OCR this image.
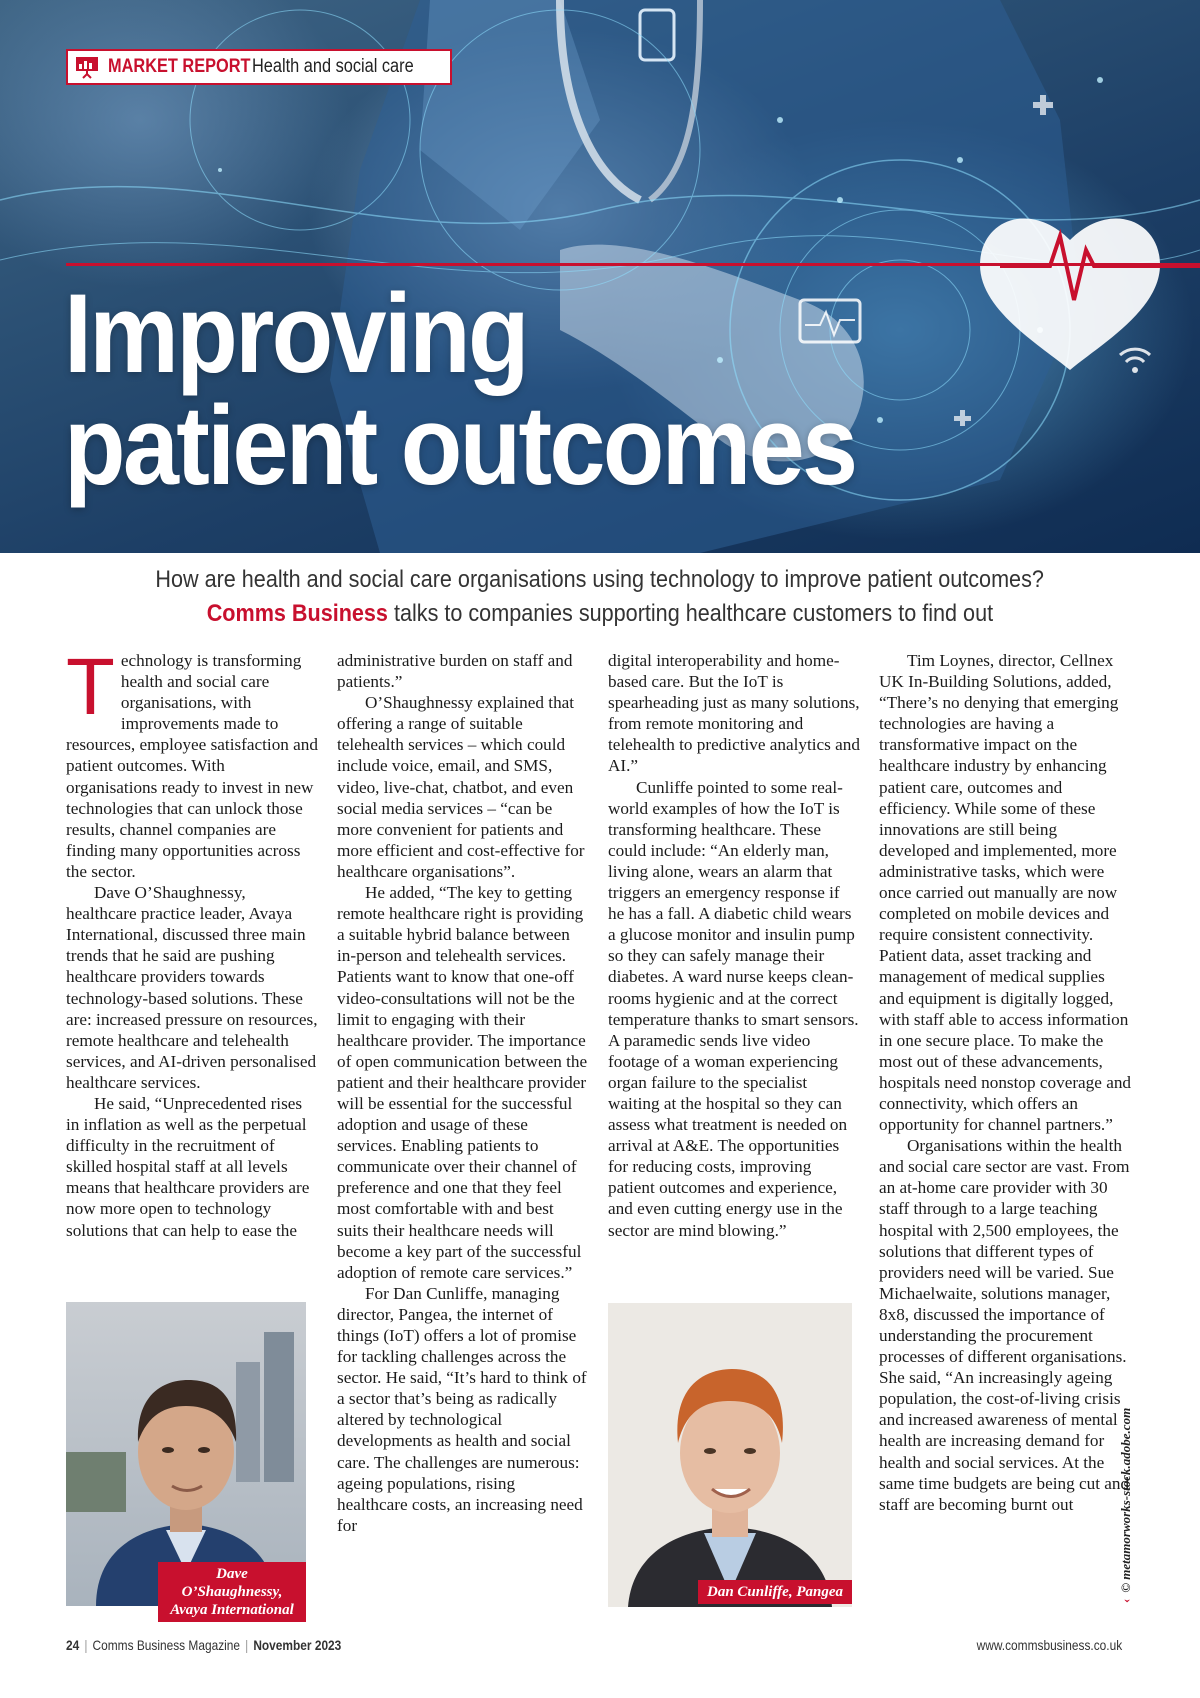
MARKET REPORT Health and social care
Improving
patient outcomes
How are health and social care organisations using technology to improve patient outcomes?
Comms Business talks to companies supporting healthcare customers to find out

Technology is transforming health and social care organisations, with improvements made to resources, employee satisfaction and patient outcomes. With organisations ready to invest in new technologies that can unlock those results, channel companies are finding many opportunities across the sector.

Dave O’Shaughnessy, healthcare practice leader, Avaya International, discussed three main trends that he said are pushing healthcare providers towards technology-based solutions. These are: increased pressure on resources, remote healthcare and telehealth services, and AI-driven personalised healthcare services.

He said, “Unprecedented rises in inflation as well as the perpetual difficulty in the recruitment of skilled hospital staff at all levels means that healthcare providers are now more open to technology solutions that can help to ease the

administrative burden on staff and patients.”

O’Shaughnessy explained that offering a range of suitable telehealth services – which could include voice, email, and SMS, video, live-chat, chatbot, and even social media services – “can be more convenient for patients and more efficient and cost-effective for healthcare organisations”.

He added, “The key to getting remote healthcare right is providing a suitable hybrid balance between in-person and telehealth services. Patients want to know that one-off video-consultations will not be the limit to engaging with their healthcare provider. The importance of open communication between the patient and their healthcare provider will be essential for the successful adoption and usage of these services. Enabling patients to communicate over their channel of preference and one that they feel most comfortable with and best suits their healthcare needs will become a key part of the successful adoption of remote care services.”

For Dan Cunliffe, managing director, Pangea, the internet of things (IoT) offers a lot of promise for tackling challenges across the sector. He said, “It’s hard to think of a sector that’s being as radically altered by technological developments as health and social care. The challenges are numerous: ageing populations, rising healthcare costs, an increasing need for

digital interoperability and home-based care. But the IoT is spearheading just as many solutions, from remote monitoring and telehealth to predictive analytics and AI.”

Cunliffe pointed to some real-world examples of how the IoT is transforming healthcare. These could include: “An elderly man, living alone, wears an alarm that triggers an emergency response if he has a fall. A diabetic child wears a glucose monitor and insulin pump so they can safely manage their diabetes. A ward nurse keeps clean-rooms hygienic and at the correct temperature thanks to smart sensors. A paramedic sends live video footage of a woman experiencing organ failure to the specialist waiting at the hospital so they can assess what treatment is needed on arrival at A&E. The opportunities for reducing costs, improving patient outcomes and experience, and even cutting energy use in the sector are mind blowing.”

Tim Loynes, director, Cellnex UK In-Building Solutions, added, “There’s no denying that emerging technologies are having a transformative impact on the healthcare industry by enhancing patient care, outcomes and efficiency. While some of these innovations are still being developed and implemented, more administrative tasks, which were once carried out manually are now completed on mobile devices and require consistent connectivity. Patient data, asset tracking and management of medical supplies and equipment is digitally logged, with staff able to access information in one secure place. To make the most out of these advancements, hospitals need nonstop coverage and connectivity, which offers an opportunity for channel partners.”

Organisations within the health and social care sector are vast. From an at-home care provider with 30 staff through to a large teaching hospital with 2,500 employees, the solutions that different types of providers need will be varied. Sue Michaelwaite, solutions manager, 8x8, discussed the importance of understanding the procurement processes of different organisations. She said, “An increasingly ageing population, the cost-of-living crisis and increased awareness of mental health are increasing demand for health and social services. At the same time budgets are being cut and staff are becoming burnt out

Dave O’Shaughnessy,
Avaya International
Dan Cunliffe, Pangea
‹© metamorworks-stock.adobe.com
24 | Comms Business Magazine | November 2023	www.commsbusiness.co.uk
